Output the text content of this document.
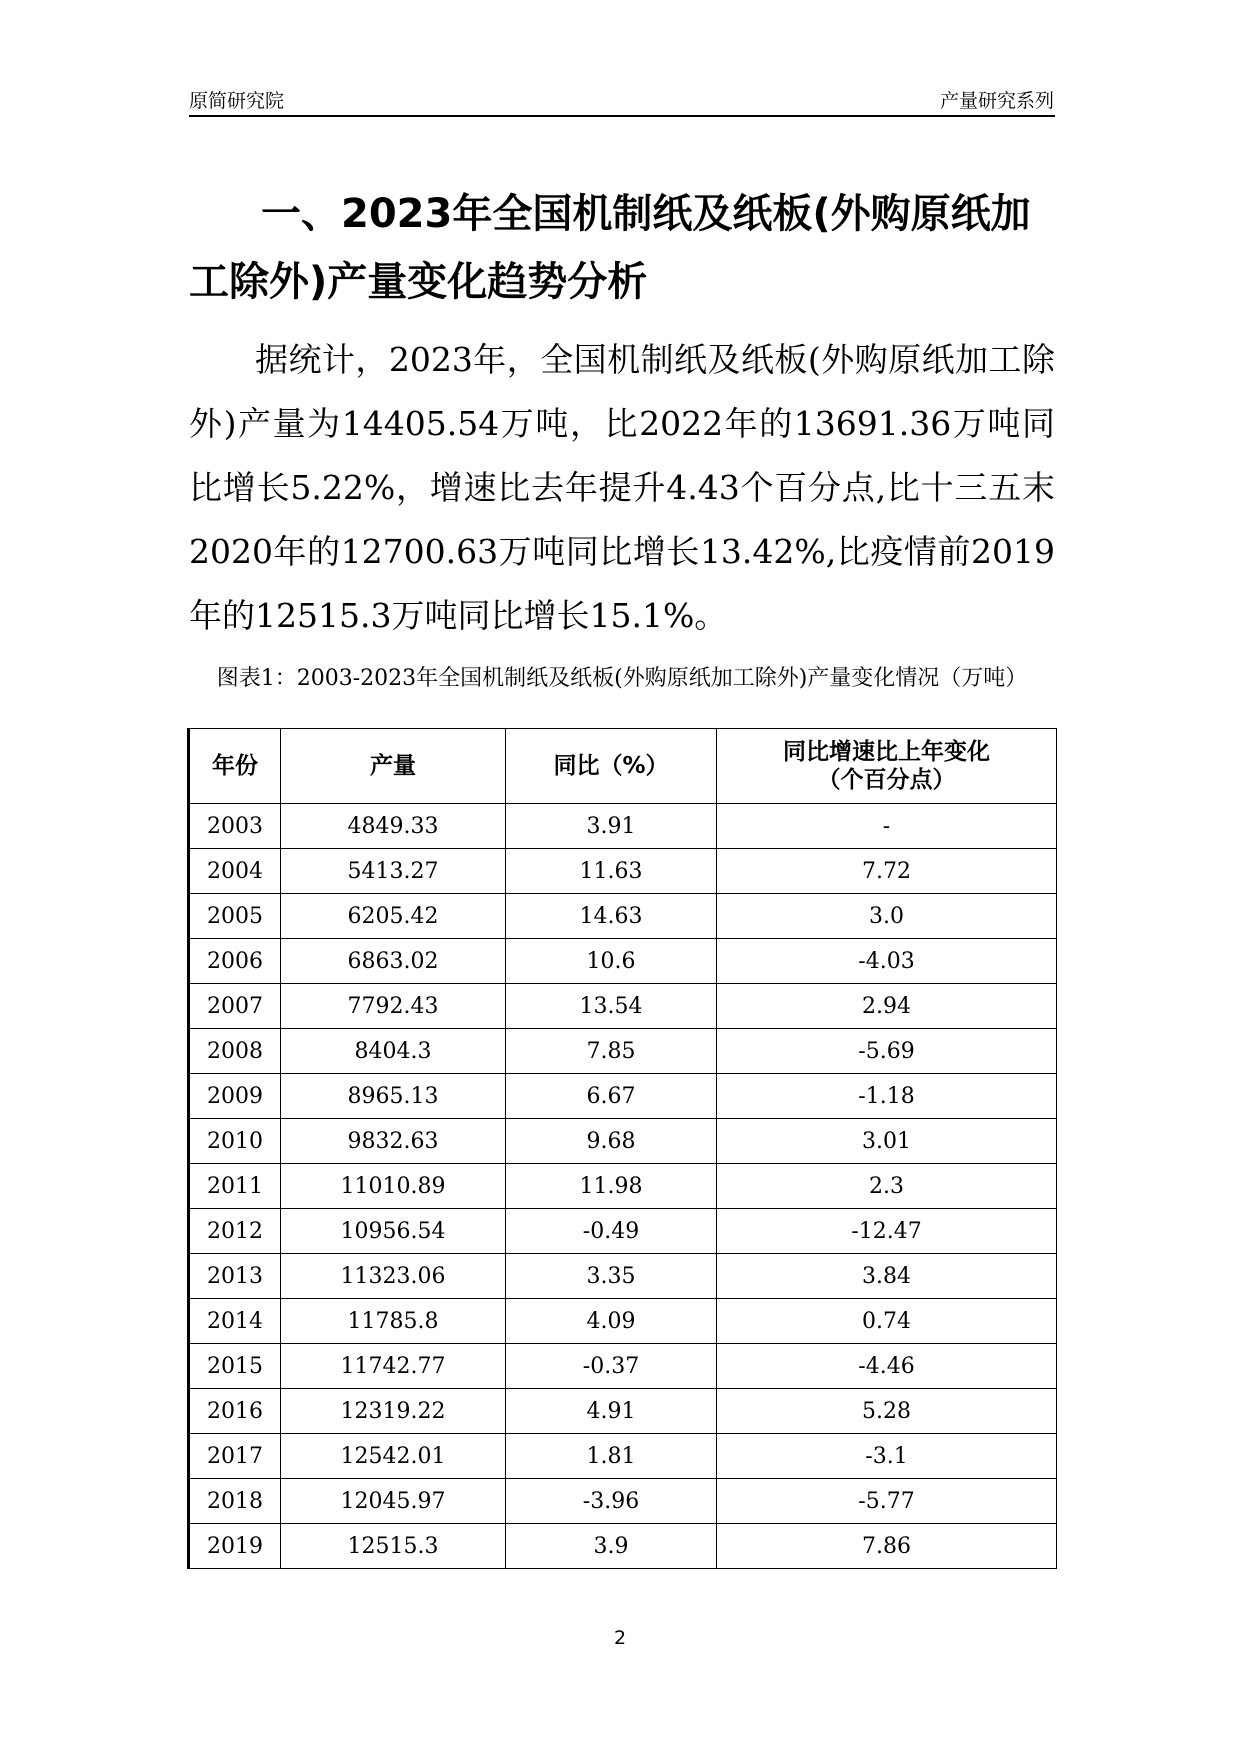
原简研究院	产量研究系列
一、2023年全国机制纸及纸板(外购原纸加工除外)产量变化趋势分析

据统计，2023年，全国机制纸及纸板(外购原纸加工除外)产量为14405.54万吨，比2022年的13691.36万吨同比增长5.22%，增速比去年提升4.43个百分点,比十三五末2020年的12700.63万吨同比增长13.42%,比疫情前2019年的12515.3万吨同比增长15.1%。

图表1：2003-2023年全国机制纸及纸板(外购原纸加工除外)产量变化情况（万吨）
年份	产量	同比（%）	同比增速比上年变化
（个百分点）
2003	4849.33	3.91	-
2004	5413.27	11.63	7.72
2005	6205.42	14.63	3.0
2006	6863.02	10.6	-4.03
2007	7792.43	13.54	2.94
2008	8404.3	7.85	-5.69
2009	8965.13	6.67	-1.18
2010	9832.63	9.68	3.01
2011	11010.89	11.98	2.3
2012	10956.54	-0.49	-12.47
2013	11323.06	3.35	3.84
2014	11785.8	4.09	0.74
2015	11742.77	-0.37	-4.46
2016	12319.22	4.91	5.28
2017	12542.01	1.81	-3.1
2018	12045.97	-3.96	-5.77
2019	12515.3	3.9	7.86
2
